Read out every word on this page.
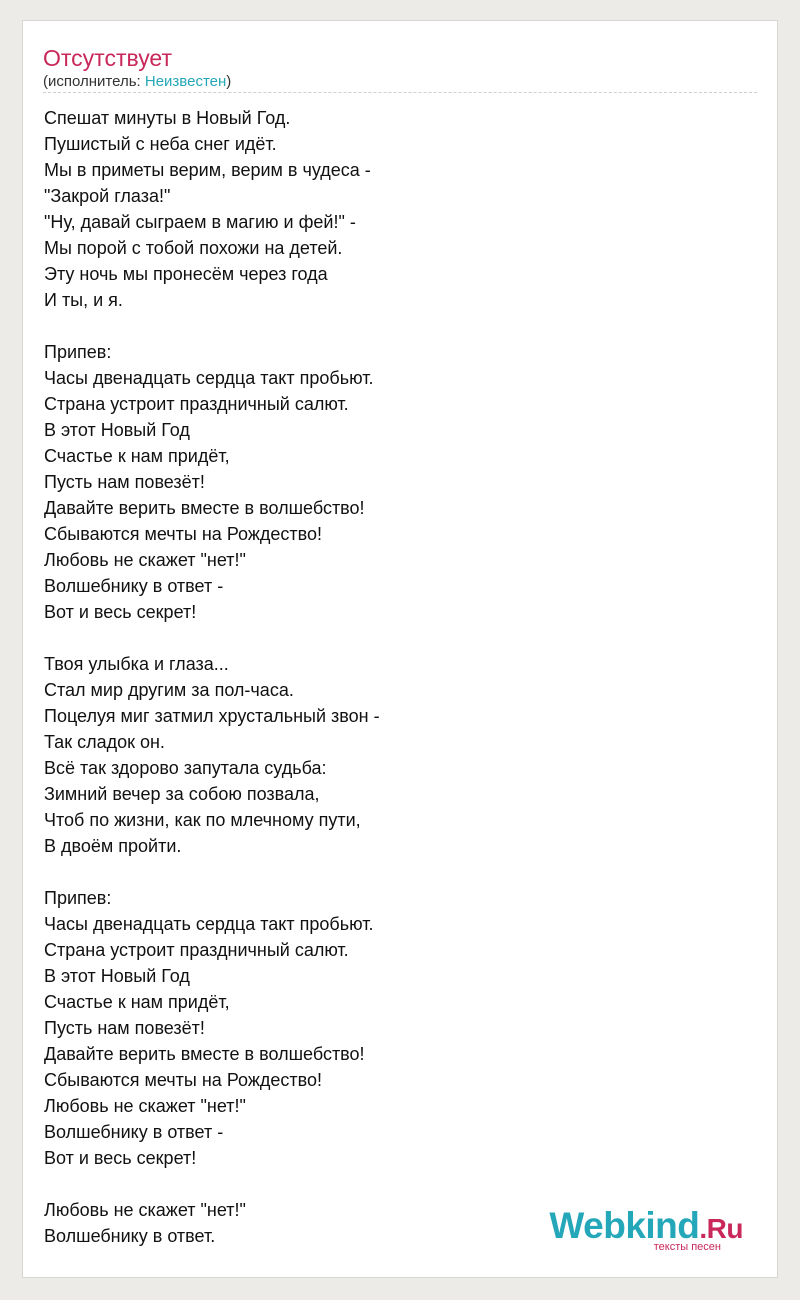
Отсутствует
(исполнитель: Неизвестен)
Спешат минуты в Новый Год.
Пушистый с неба снег идёт.
Мы в приметы верим, верим в чудеса -
"Закрой глаза!"
"Ну, давай сыграем в магию и фей!" -
Мы порой с тобой похожи на детей.
Эту ночь мы пронесём через года
И ты, и я.
Припев:
Часы двенадцать сердца такт пробьют.
Страна устроит праздничный салют.
В этот Новый Год
Счастье к нам придёт,
Пусть нам повезёт!
Давайте верить вместе в волшебство!
Сбываются мечты на Рождество!
Любовь не скажет "нет!"
Волшебнику в ответ -
Вот и весь секрет!
Твоя улыбка и глаза...
Стал мир другим за пол-часа.
Поцелуя миг затмил хрустальный звон -
Так сладок он.
Всё так здорово запутала судьба:
Зимний вечер за собою позвала,
Чтоб по жизни, как по млечному пути,
В двоём пройти.
Припев:
Часы двенадцать сердца такт пробьют.
Страна устроит праздничный салют.
В этот Новый Год
Счастье к нам придёт,
Пусть нам повезёт!
Давайте верить вместе в волшебство!
Сбываются мечты на Рождество!
Любовь не скажет "нет!"
Волшебнику в ответ -
Вот и весь секрет!
Любовь не скажет "нет!"
Волшебнику в ответ.	Webkind.Ru
тексты песен
